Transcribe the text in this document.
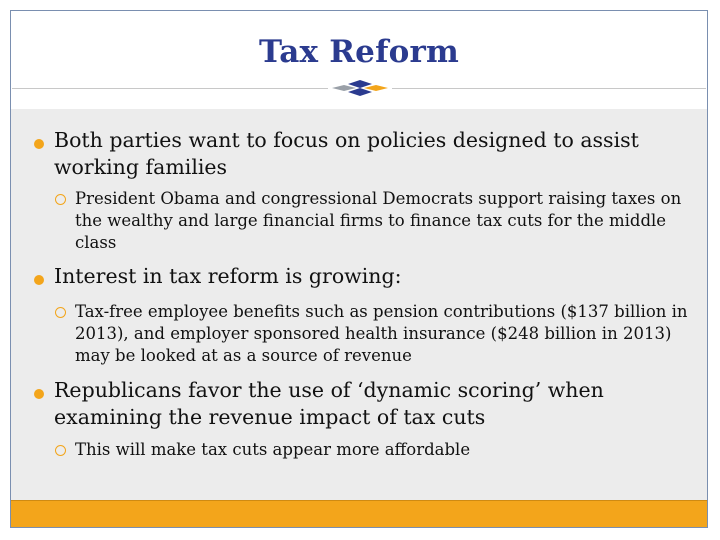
Tax Reform
Both parties want to focus on policies designed to assist working families
President Obama and congressional Democrats support raising taxes on the wealthy and large financial firms to finance tax cuts for the middle class
Interest in tax reform is growing:
Tax-free employee benefits such as pension contributions ($137 billion in 2013), and employer sponsored health insurance ($248 billion in 2013) may be looked at as a source of revenue
Republicans favor the use of ‘dynamic scoring’ when examining the revenue impact of tax cuts
This will make tax cuts appear more affordable
